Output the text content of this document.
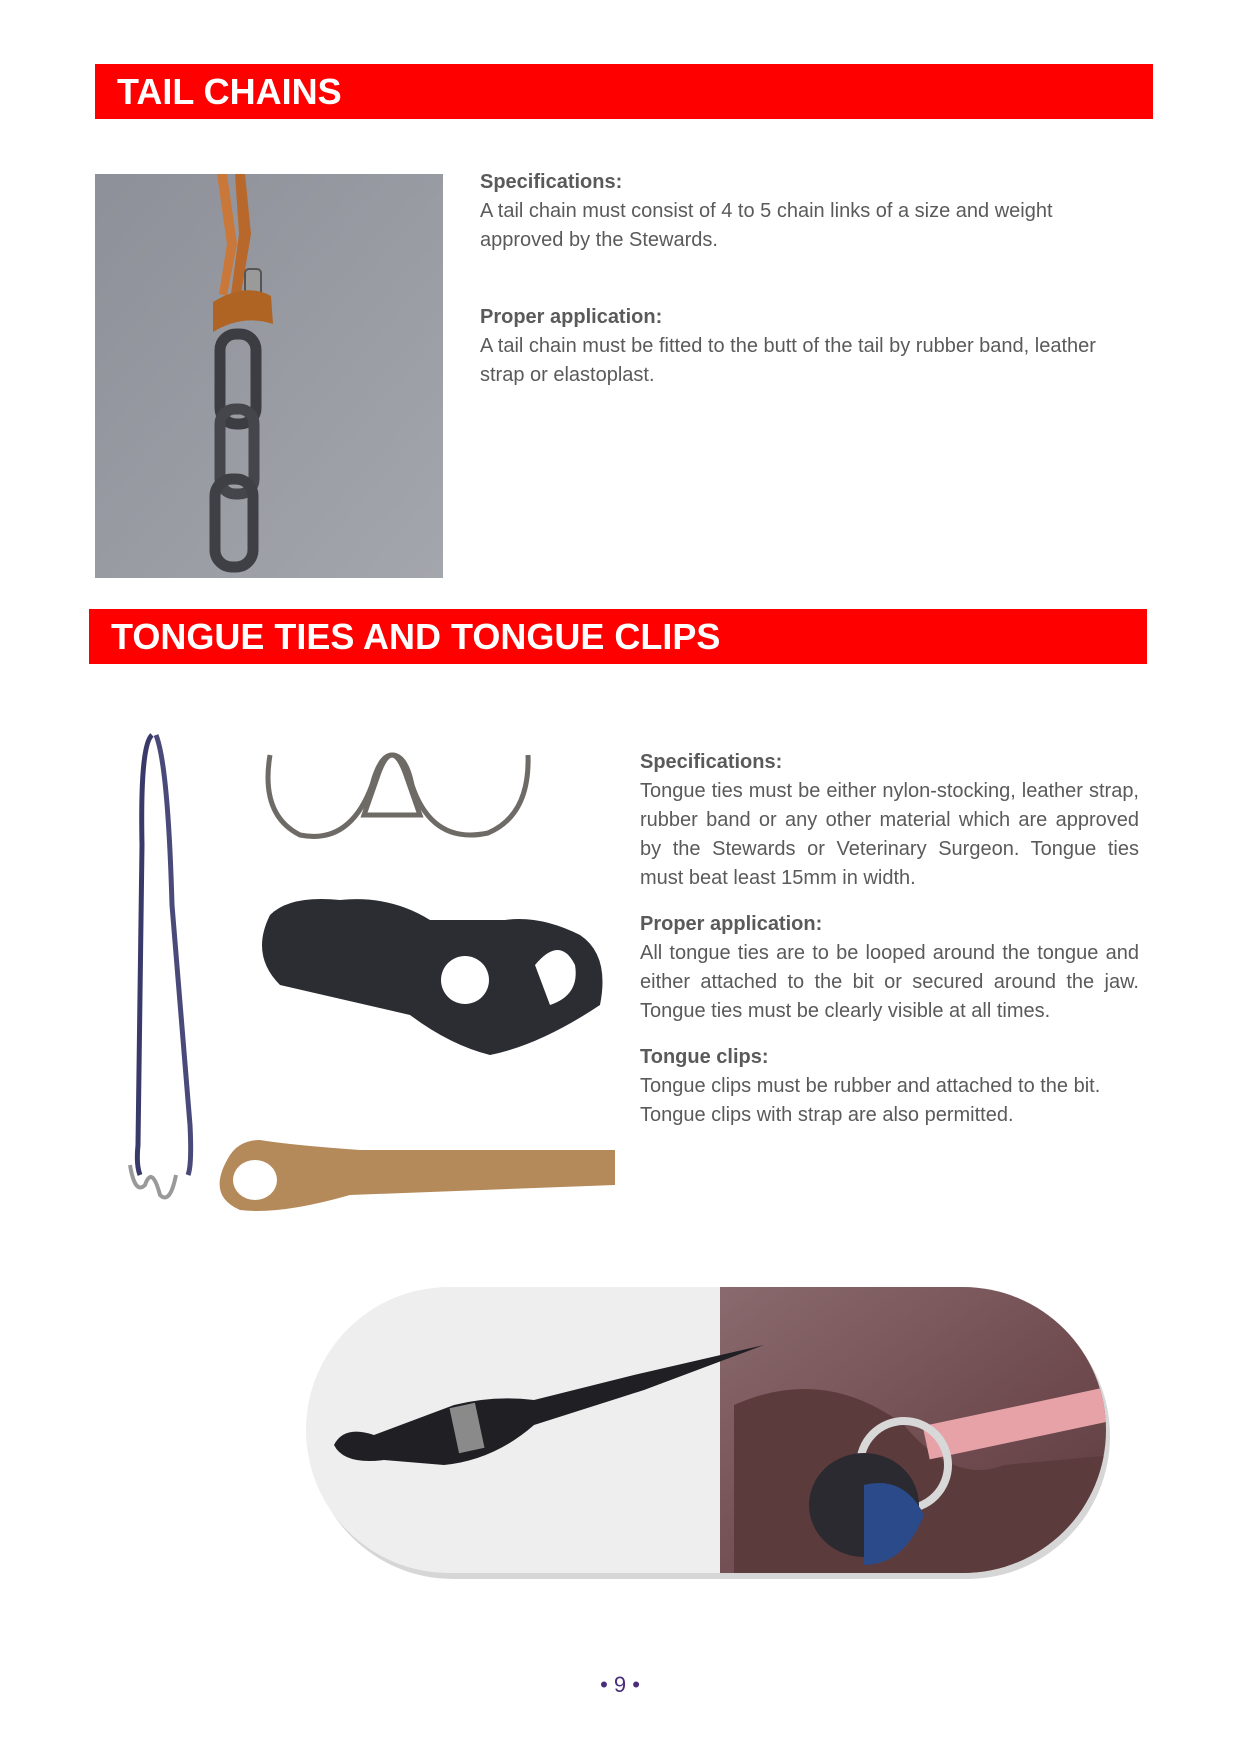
TAIL CHAINS
Specifications:

A tail chain must consist of 4 to 5 chain links of a size and weight approved by the Stewards.

Proper application:

A tail chain must be fitted to the butt of the tail by rubber band, leather strap or elastoplast.

TONGUE TIES AND TONGUE CLIPS
Specifications:

Tongue ties must be either nylon-stocking, leather strap, rubber band or any other material which are approved by the Stewards or Veterinary Surgeon. Tongue ties must beat least 15mm in width.

Proper application:

All tongue ties are to be looped around the tongue and either attached to the bit or secured around the jaw. Tongue ties must be clearly visible at all times.

Tongue clips:

Tongue clips must be rubber and attached to the bit.

Tongue clips with strap are also permitted.

• 9 •
